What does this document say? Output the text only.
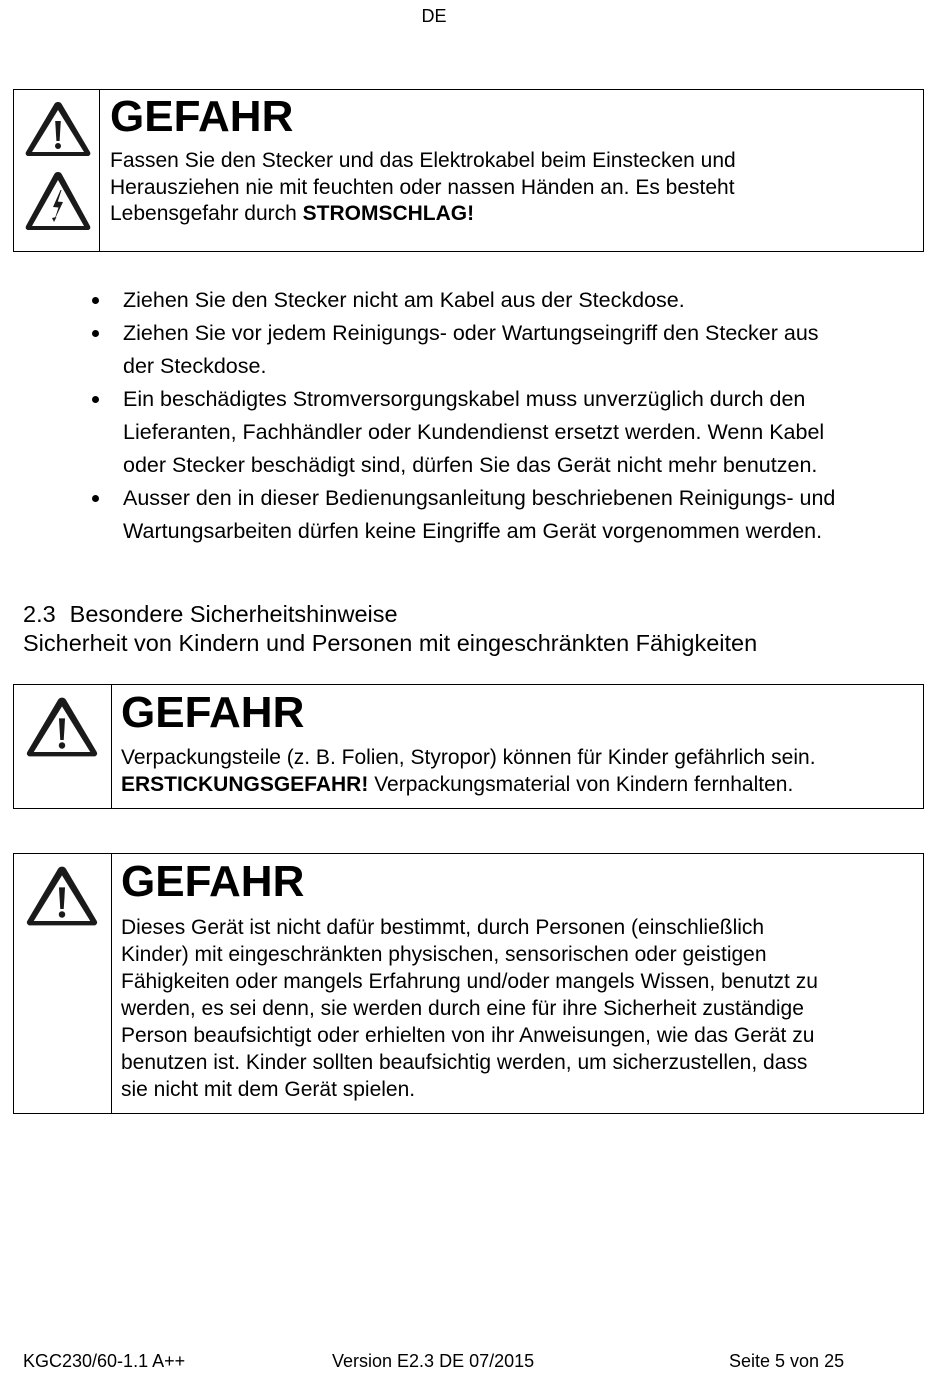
DE
GEFAHR
Fassen Sie den Stecker und das Elektrokabel beim Einstecken und
Herausziehen nie mit feuchten oder nassen Händen an. Es besteht
Lebensgefahr durch STROMSCHLAG!
Ziehen Sie den Stecker nicht am Kabel aus der Steckdose.
Ziehen Sie vor jedem Reinigungs- oder Wartungseingriff den Stecker aus
der Steckdose.
Ein beschädigtes Stromversorgungskabel muss unverzüglich durch den
Lieferanten, Fachhändler oder Kundendienst ersetzt werden. Wenn Kabel
oder Stecker beschädigt sind, dürfen Sie das Gerät nicht mehr benutzen.
Ausser den in dieser Bedienungsanleitung beschriebenen Reinigungs- und
Wartungsarbeiten dürfen keine Eingriffe am Gerät vorgenommen werden.
2.3 Besondere Sicherheitshinweise
Sicherheit von Kindern und Personen mit eingeschränkten Fähigkeiten
GEFAHR
Verpackungsteile (z. B. Folien, Styropor) können für Kinder gefährlich sein.
ERSTICKUNGSGEFAHR! Verpackungsmaterial von Kindern fernhalten.
GEFAHR
Dieses Gerät ist nicht dafür bestimmt, durch Personen (einschließlich
Kinder) mit eingeschränkten physischen, sensorischen oder geistigen
Fähigkeiten oder mangels Erfahrung und/oder mangels Wissen, benutzt zu
werden, es sei denn, sie werden durch eine für ihre Sicherheit zuständige
Person beaufsichtigt oder erhielten von ihr Anweisungen, wie das Gerät zu
benutzen ist. Kinder sollten beaufsichtig werden, um sicherzustellen, dass
sie nicht mit dem Gerät spielen.
KGC230/60-1.1 A++	Version E2.3 DE 07/2015	Seite 5 von 25
